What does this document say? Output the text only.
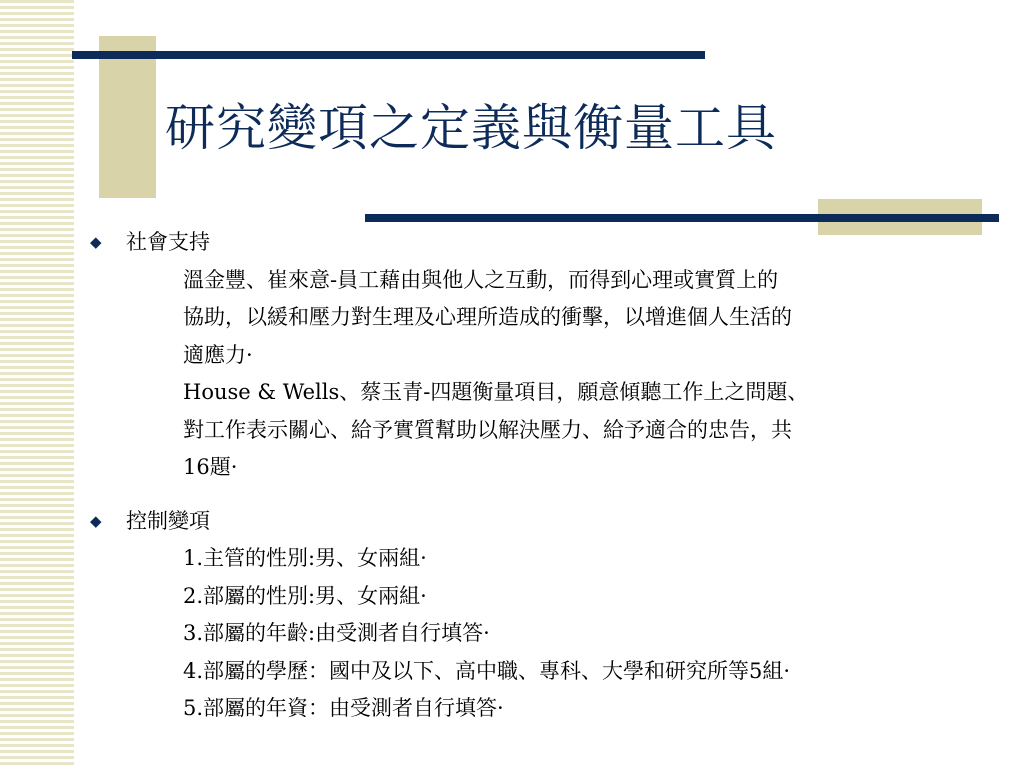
研究變項之定義與衡量工具
◆ 社會支持
溫金豐、崔來意-員工藉由與他人之互動，而得到心理或實質上的
協助，以緩和壓力對生理及心理所造成的衝擊，以增進個人生活的
適應力·
House & Wells、蔡玉青-四題衡量項目，願意傾聽工作上之問題、
對工作表示關心、給予實質幫助以解決壓力、給予適合的忠告，共
16題·
◆ 控制變項
1.主管的性別:男、女兩組·
2.部屬的性別:男、女兩組·
3.部屬的年齡:由受測者自行填答·
4.部屬的學歷：國中及以下、高中職、專科、大學和研究所等5組·
5.部屬的年資：由受測者自行填答·
